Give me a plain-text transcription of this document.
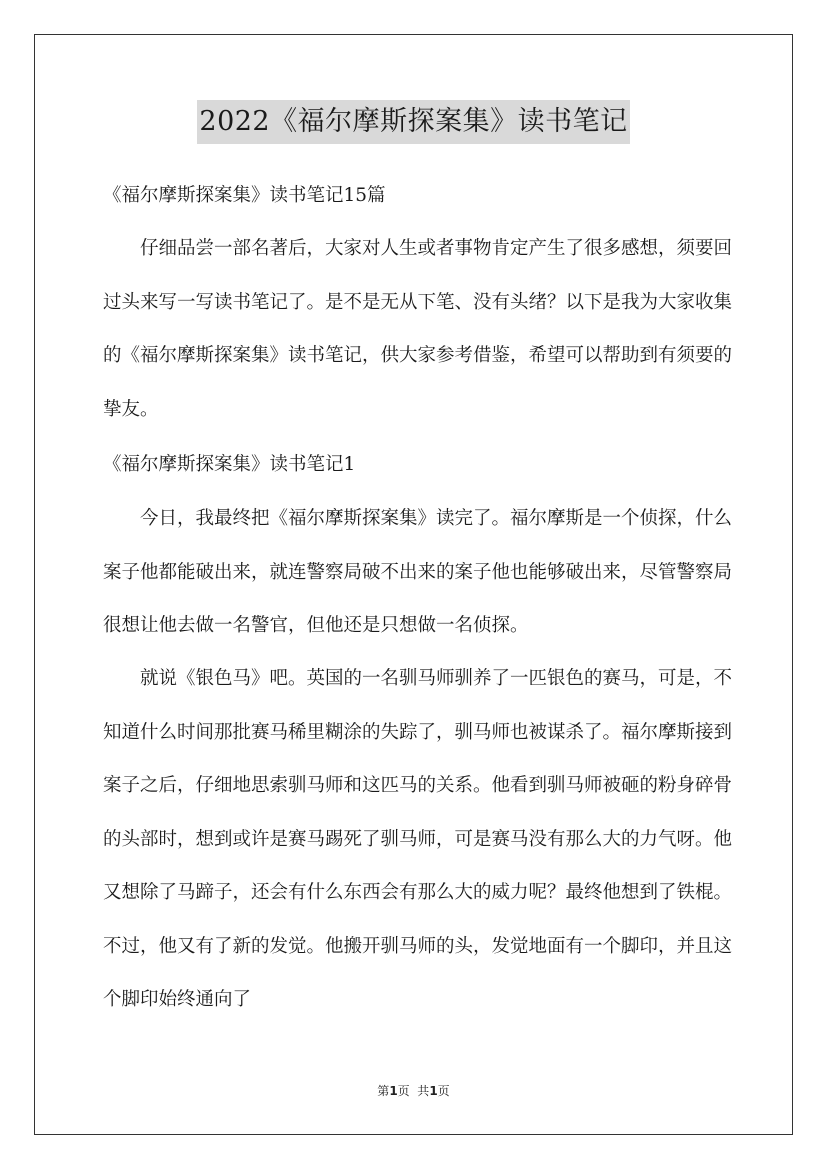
2022《福尔摩斯探案集》读书笔记

《福尔摩斯探案集》读书笔记15篇

　　仔细品尝一部名著后，大家对人生或者事物肯定产生了很多感想，须要回过头来写一写读书笔记了。是不是无从下笔、没有头绪？以下是我为大家收集的《福尔摩斯探案集》读书笔记，供大家参考借鉴，希望可以帮助到有须要的挚友。

《福尔摩斯探案集》读书笔记1

　　今日，我最终把《福尔摩斯探案集》读完了。福尔摩斯是一个侦探，什么案子他都能破出来，就连警察局破不出来的案子他也能够破出来，尽管警察局很想让他去做一名警官，但他还是只想做一名侦探。

　　就说《银色马》吧。英国的一名驯马师驯养了一匹银色的赛马，可是，不知道什么时间那批赛马稀里糊涂的失踪了，驯马师也被谋杀了。福尔摩斯接到案子之后，仔细地思索驯马师和这匹马的关系。他看到驯马师被砸的粉身碎骨的头部时，想到或许是赛马踢死了驯马师，可是赛马没有那么大的力气呀。他又想除了马蹄子，还会有什么东西会有那么大的威力呢？最终他想到了铁棍。不过，他又有了新的发觉。他搬开驯马师的头，发觉地面有一个脚印，并且这个脚印始终通向了

第1页  共1页
